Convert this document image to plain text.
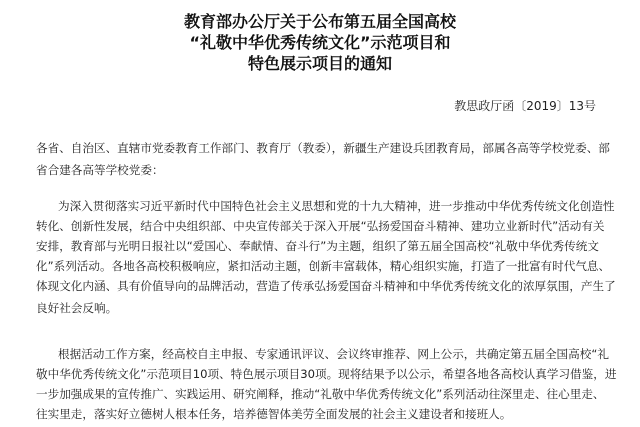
教育部办公厅关于公布第五届全国高校
“礼敬中华优秀传统文化”示范项目和
特色展示项目的通知
教思政厅函〔2019〕13号
各省、自治区、直辖市党委教育工作部门、教育厅（教委），新疆生产建设兵团教育局，部属各高等学校党委、部
省合建各高等学校党委：
为深入贯彻落实习近平新时代中国特色社会主义思想和党的十九大精神，进一步推动中华优秀传统文化创造性
转化、创新性发展，结合中央组织部、中央宣传部关于深入开展“弘扬爱国奋斗精神、建功立业新时代”活动有关
安排，教育部与光明日报社以“爱国心、奉献情、奋斗行”为主题，组织了第五届全国高校“礼敬中华优秀传统文
化”系列活动。各地各高校积极响应，紧扣活动主题，创新丰富载体，精心组织实施，打造了一批富有时代气息、
体现文化内涵、具有价值导向的品牌活动，营造了传承弘扬爱国奋斗精神和中华优秀传统文化的浓厚氛围，产生了
良好社会反响。
根据活动工作方案，经高校自主申报、专家通讯评议、会议终审推荐、网上公示，共确定第五届全国高校“礼
敬中华优秀传统文化”示范项目10项、特色展示项目30项。现将结果予以公示，希望各地各高校认真学习借鉴，进
一步加强成果的宣传推广、实践运用、研究阐释，推动“礼敬中华优秀传统文化”系列活动往深里走、往心里走、
往实里走，落实好立德树人根本任务，培养德智体美劳全面发展的社会主义建设者和接班人。
